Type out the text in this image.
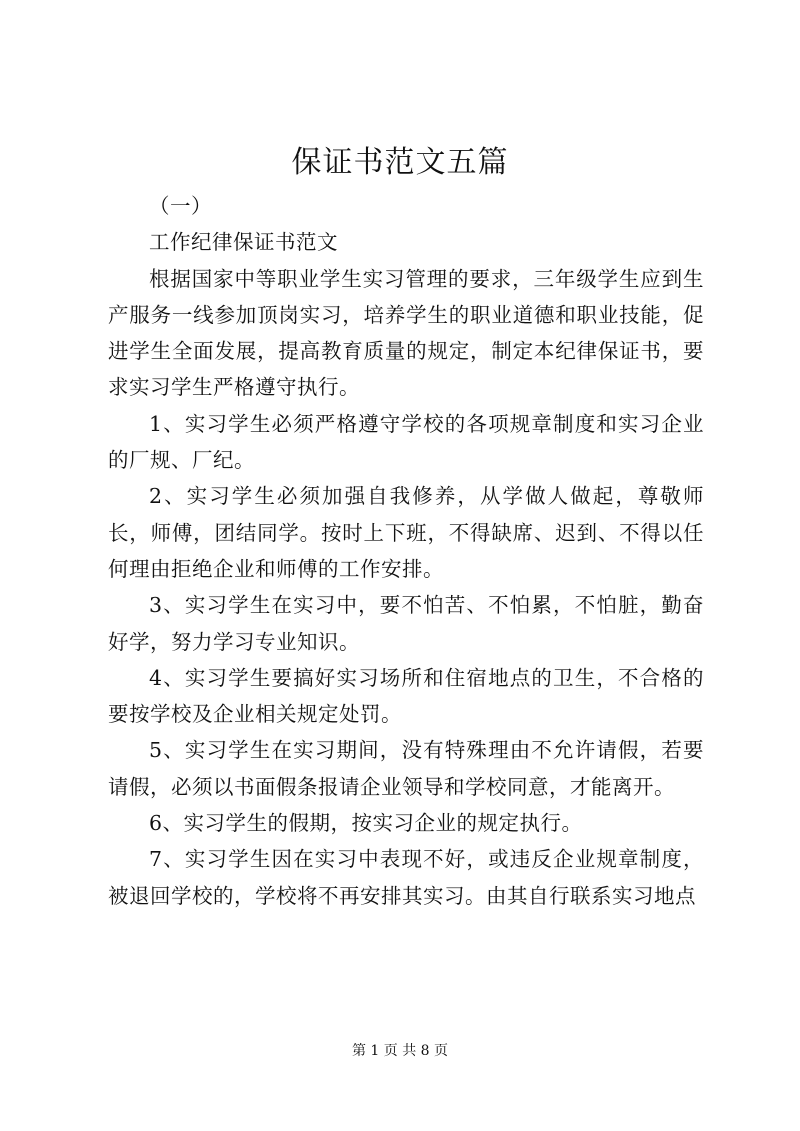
保证书范文五篇

（一）

工作纪律保证书范文

根据国家中等职业学生实习管理的要求，三年级学生应到生产服务一线参加顶岗实习，培养学生的职业道德和职业技能，促进学生全面发展，提高教育质量的规定，制定本纪律保证书，要求实习学生严格遵守执行。

1、实习学生必须严格遵守学校的各项规章制度和实习企业的厂规、厂纪。

2、实习学生必须加强自我修养，从学做人做起，尊敬师长，师傅，团结同学。按时上下班，不得缺席、迟到、不得以任何理由拒绝企业和师傅的工作安排。

3、实习学生在实习中，要不怕苦、不怕累，不怕脏，勤奋好学，努力学习专业知识。

4、实习学生要搞好实习场所和住宿地点的卫生，不合格的要按学校及企业相关规定处罚。

5、实习学生在实习期间，没有特殊理由不允许请假，若要请假，必须以书面假条报请企业领导和学校同意，才能离开。

6、实习学生的假期，按实习企业的规定执行。

7、实习学生因在实习中表现不好，或违反企业规章制度，被退回学校的，学校将不再安排其实习。由其自行联系实习地点

第 1 页 共 8 页
